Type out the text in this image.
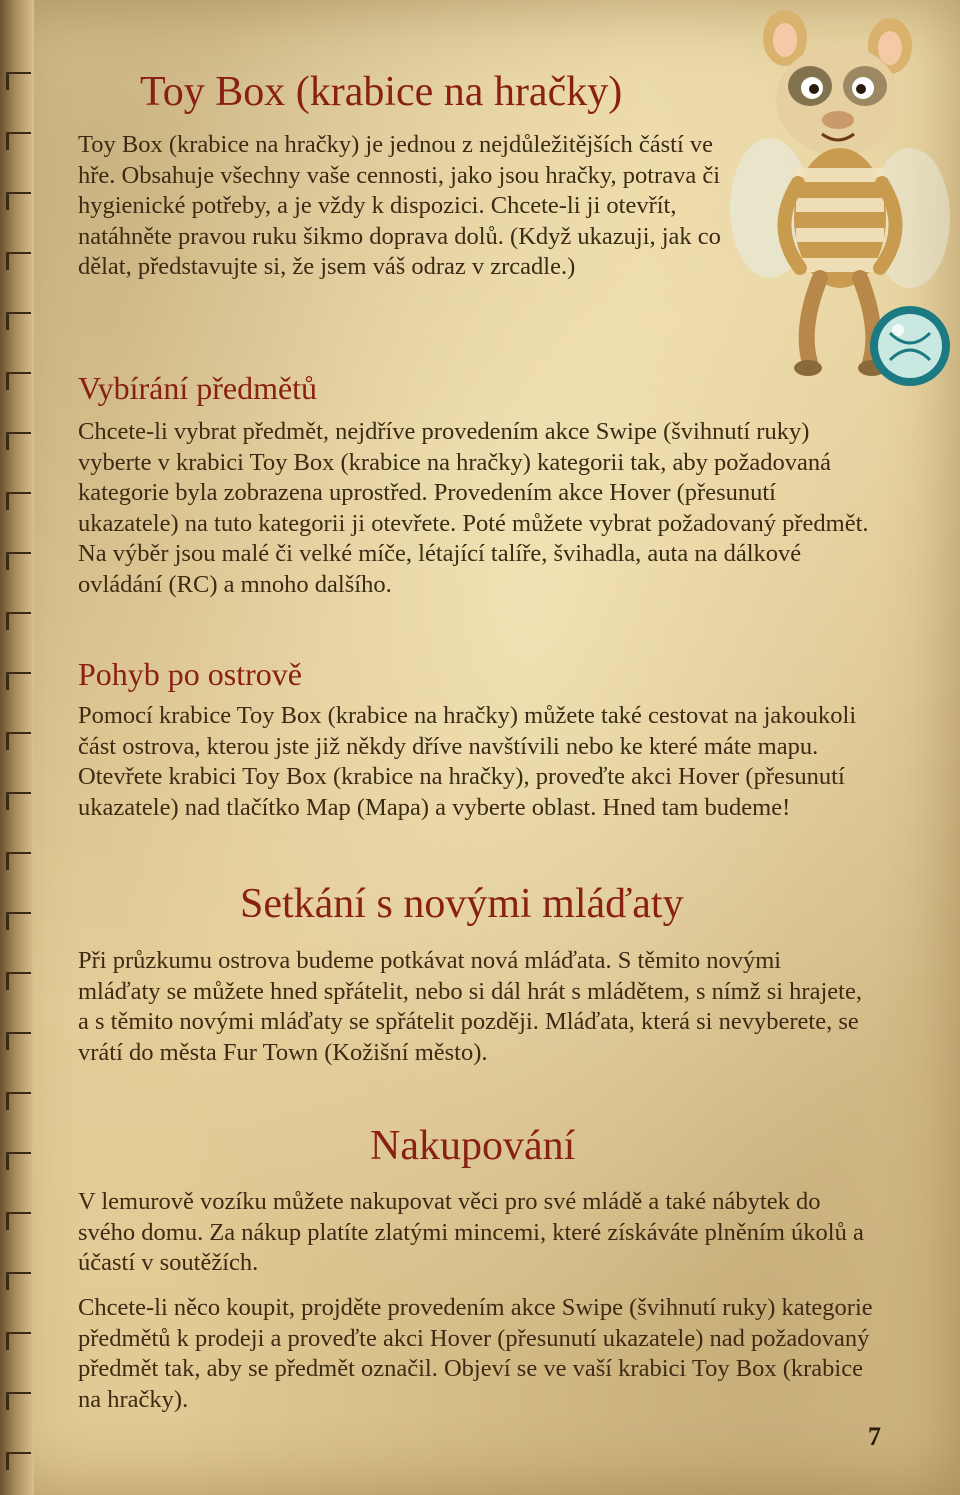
Toy Box (krabice na hračky)

Toy Box (krabice na hračky) je jednou z nejdůležitějších částí ve hře. Obsahuje všechny vaše cennosti, jako jsou hračky, potrava či hygienické potřeby, a je vždy k dispozici. Chcete-li ji otevřít, natáhněte pravou ruku šikmo doprava dolů. (Když ukazuji, jak co dělat, představujte si, že jsem váš odraz v zrcadle.)

Vybírání předmětů

Chcete-li vybrat předmět, nejdříve provedením akce Swipe (švihnutí ruky) vyberte v krabici Toy Box (krabice na hračky) kategorii tak, aby požadovaná kategorie byla zobrazena uprostřed. Provedením akce Hover (přesunutí ukazatele) na tuto kategorii ji otevřete. Poté můžete vybrat požadovaný předmět. Na výběr jsou malé či velké míče, létající talíře, švihadla, auta na dálkové ovládání (RC) a mnoho dalšího.

Pohyb po ostrově

Pomocí krabice Toy Box (krabice na hračky) můžete také cestovat na jakoukoli část ostrova, kterou jste již někdy dříve navštívili nebo ke které máte mapu. Otevřete krabici Toy Box (krabice na hračky), proveďte akci Hover (přesunutí ukazatele) nad tlačítko Map (Mapa) a vyberte oblast. Hned tam budeme!

Setkání s novými mláďaty

Při průzkumu ostrova budeme potkávat nová mláďata. S těmito novými mláďaty se můžete hned spřátelit, nebo si dál hrát s mládětem, s nímž si hrajete, a s těmito novými mláďaty se spřátelit později. Mláďata, která si nevyberete, se vrátí do města Fur Town (Kožišní město).

Nakupování

V lemurově vozíku můžete nakupovat věci pro své mládě a také nábytek do svého domu. Za nákup platíte zlatými mincemi, které získáváte plněním úkolů a účastí v soutěžích.

Chcete-li něco koupit, projděte provedením akce Swipe (švihnutí ruky) kategorie předmětů k prodeji a proveďte akci Hover (přesunutí ukazatele) nad požadovaný předmět tak, aby se předmět označil. Objeví se ve vaší krabici Toy Box (krabice na hračky).

7
